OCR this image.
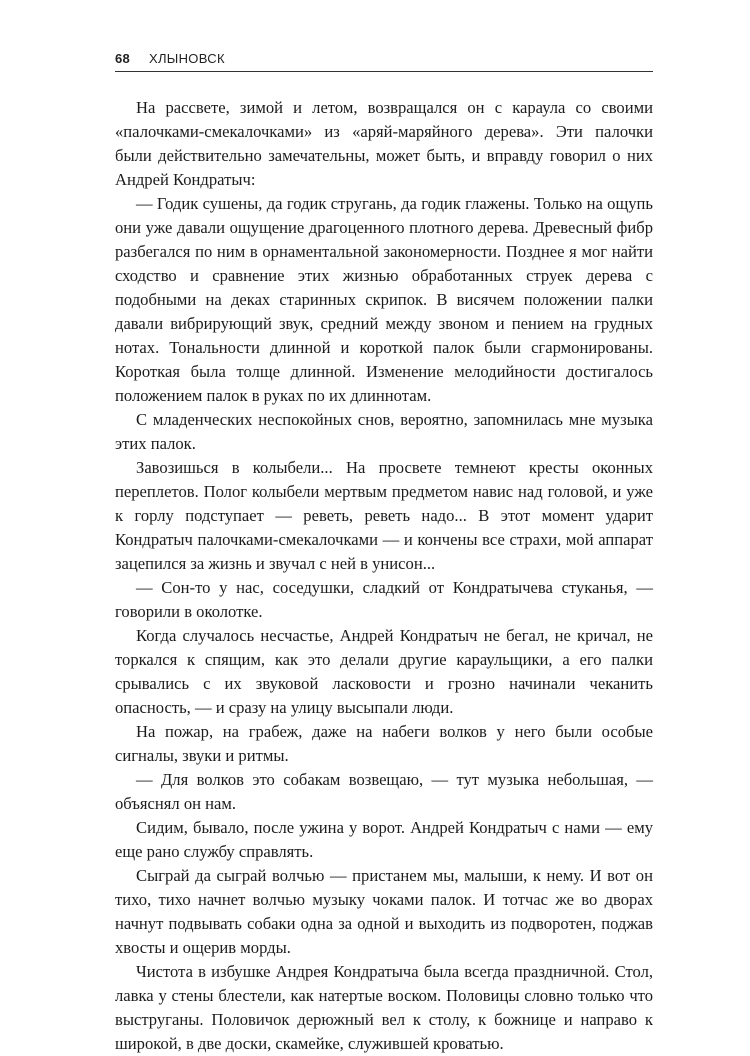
68 ХЛЫНОВСК

На рассвете, зимой и летом, возвращался он с караула со своими «палочками-смекалочками» из «аряй-маряйного дерева». Эти палочки были действительно замечательны, может быть, и вправду говорил о них Андрей Кондратыч:

— Годик сушены, да годик стругань, да годик глажены. Только на ощупь они уже давали ощущение драгоценного плотного дерева. Древесный фибр разбегался по ним в орнаментальной закономерности. Позднее я мог найти сходство и сравнение этих жизнью обработанных струек дерева с подобными на деках старинных скрипок. В висячем положении палки давали вибрирующий звук, средний между звоном и пением на грудных нотах. Тональности длинной и короткой палок были сгармонированы. Короткая была толще длинной. Изменение мелодийности достигалось положением палок в руках по их длиннотам.

С младенческих неспокойных снов, вероятно, запомнилась мне музыка этих палок.

Завозишься в колыбели... На просвете темнеют кресты оконных переплетов. Полог колыбели мертвым предметом навис над головой, и уже к горлу подступает — реветь, реветь надо... В этот момент ударит Кондратыч палочками-смекалочками — и кончены все страхи, мой аппарат зацепился за жизнь и звучал с ней в унисон...

— Сон-то у нас, соседушки, сладкий от Кондратычева стуканья, — говорили в околотке.

Когда случалось несчастье, Андрей Кондратыч не бегал, не кричал, не торкался к спящим, как это делали другие караульщики, а его палки срывались с их звуковой ласковости и грозно начинали чеканить опасность, — и сразу на улицу высыпали люди.

На пожар, на грабеж, даже на набеги волков у него были особые сигналы, звуки и ритмы.

— Для волков это собакам возвещаю, — тут музыка небольшая, — объяснял он нам.

Сидим, бывало, после ужина у ворот. Андрей Кондратыч с нами — ему еще рано службу справлять.

Сыграй да сыграй волчью — пристанем мы, малыши, к нему. И вот он тихо, тихо начнет волчью музыку чоками палок. И тотчас же во дворах начнут подвывать собаки одна за одной и выходить из подворотен, поджав хвосты и ощерив морды.

Чистота в избушке Андрея Кондратыча была всегда праздничной. Стол, лавка у стены блестели, как натертые воском. Половицы словно только что выструганы. Половичок дерюжный вел к столу, к божнице и направо к широкой, в две доски, скамейке, служившей кроватью.
